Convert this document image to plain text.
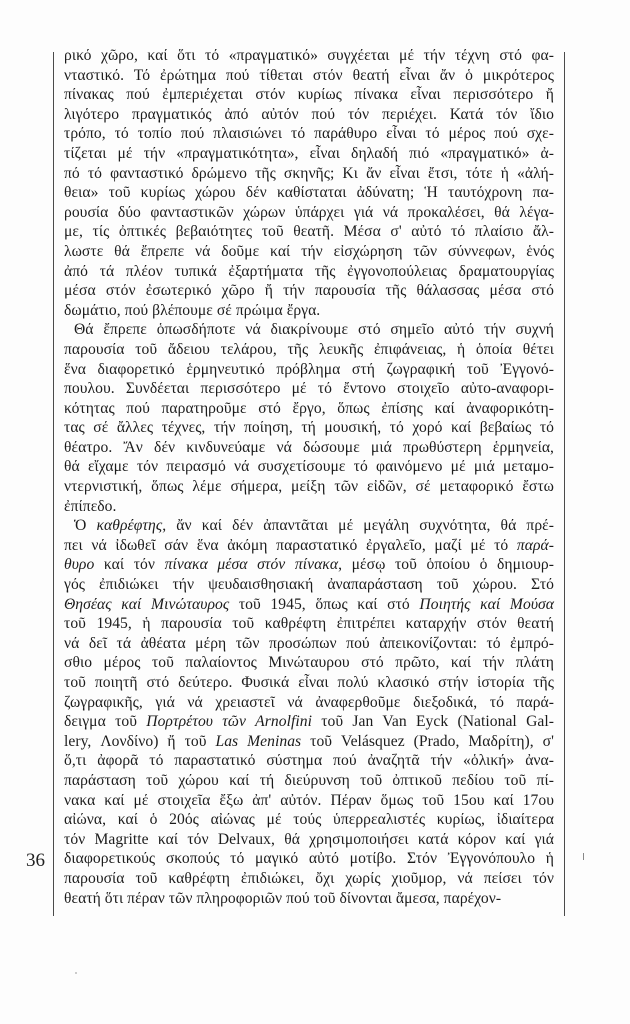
ρικό χῶρο, καί ὅτι τό «πραγματικό» συγχέεται μέ τήν τέχνη στό φα-
νταστικό. Τό ἐρώτημα πού τίθεται στόν θεατή εἶναι ἄν ὁ μικρότερος
πίνακας πού ἐμπεριέχεται στόν κυρίως πίνακα εἶναι περισσότερο ἤ
λιγότερο πραγματικός ἀπό αὐτόν πού τόν περιέχει. Κατά τόν ἴδιο
τρόπο, τό τοπίο πού πλαισιώνει τό παράθυρο εἶναι τό μέρος πού σχε-
τίζεται μέ τήν «πραγματικότητα», εἶναι δηλαδή πιό «πραγματικό» ἀ-
πό τό φανταστικό δρώμενο τῆς σκηνῆς; Κι ἄν εἶναι ἔτσι, τότε ἡ «ἀλή-
θεια» τοῦ κυρίως χώρου δέν καθίσταται ἀδύνατη; Ἡ ταυτόχρονη πα-
ρουσία δύο φανταστικῶν χώρων ὑπάρχει γιά νά προκαλέσει, θά λέγα-
με, τίς ὀπτικές βεβαιότητες τοῦ θεατῆ. Μέσα σ' αὐτό τό πλαίσιο ἄλ-
λωστε θά ἔπρεπε νά δοῦμε καί τήν εἰσχώρηση τῶν σύννεφων, ἑνός
ἀπό τά πλέον τυπικά ἐξαρτήματα τῆς ἐγγονοπούλειας δραματουργίας
μέσα στόν ἐσωτερικό χῶρο ἤ τήν παρουσία τῆς θάλασσας μέσα στό
δωμάτιο, πού βλέπουμε σέ πρώιμα ἔργα.
Θά ἔπρεπε ὁπωσδήποτε νά διακρίνουμε στό σημεῖο αὐτό τήν συχνή
παρουσία τοῦ ἄδειου τελάρου, τῆς λευκῆς ἐπιφάνειας, ἡ ὁποία θέτει
ἕνα διαφορετικό ἑρμηνευτικό πρόβλημα στή ζωγραφική τοῦ Ἐγγονό-
πουλου. Συνδέεται περισσότερο μέ τό ἔντονο στοιχεῖο αὐτο-αναφορι-
κότητας πού παρατηροῦμε στό ἔργο, ὅπως ἐπίσης καί ἀναφορικότη-
τας σέ ἄλλες τέχνες, τήν ποίηση, τή μουσική, τό χορό καί βεβαίως τό
θέατρο. Ἄν δέν κινδυνεύαμε νά δώσουμε μιά πρωθύστερη ἑρμηνεία,
θά εἴχαμε τόν πειρασμό νά συσχετίσουμε τό φαινόμενο μέ μιά μεταμο-
ντερνιστική, ὅπως λέμε σήμερα, μείξη τῶν εἰδῶν, σέ μεταφορικό ἔστω
ἐπίπεδο.
Ὁ καθρέφτης, ἄν καί δέν ἀπαντᾶται μέ μεγάλη συχνότητα, θά πρέ-
πει νά ἰδωθεῖ σάν ἕνα ἀκόμη παραστατικό ἐργαλεῖο, μαζί μέ τό παρά-
θυρο καί τόν πίνακα μέσα στόν πίνακα, μέσῳ τοῦ ὁποίου ὁ δημιουρ-
γός ἐπιδιώκει τήν ψευδαισθησιακή ἀναπαράσταση τοῦ χώρου. Στό
Θησέας καί Μινώταυρος τοῦ 1945, ὅπως καί στό Ποιητής καί Μούσα
τοῦ 1945, ἡ παρουσία τοῦ καθρέφτη ἐπιτρέπει καταρχήν στόν θεατή
νά δεῖ τά ἀθέατα μέρη τῶν προσώπων πού ἀπεικονίζονται: τό ἐμπρό-
σθιο μέρος τοῦ παλαίοντος Μινώταυρου στό πρῶτο, καί τήν πλάτη
τοῦ ποιητῆ στό δεύτερο. Φυσικά εἶναι πολύ κλασικό στήν ἱστορία τῆς
ζωγραφικῆς, γιά νά χρειαστεῖ νά ἀναφερθοῦμε διεξοδικά, τό παρά-
δειγμα τοῦ Πορτρέτου τῶν Arnolfini τοῦ Jan Van Eyck (National Gal-
lery, Λονδίνο) ἤ τοῦ Las Meninas τοῦ Velásquez (Prado, Μαδρίτη), σ'
ὅ,τι ἀφορᾶ τό παραστατικό σύστημα πού ἀναζητᾶ τήν «ὁλική» ἀνα-
παράσταση τοῦ χώρου καί τή διεύρυνση τοῦ ὀπτικοῦ πεδίου τοῦ πί-
νακα καί μέ στοιχεῖα ἔξω ἀπ' αὐτόν. Πέραν ὅμως τοῦ 15ου καί 17ου
αἰώνα, καί ὁ 20ός αἰώνας μέ τούς ὑπερρεαλιστές κυρίως, ἰδιαίτερα
τόν Magritte καί τόν Delvaux, θά χρησιμοποιήσει κατά κόρον καί γιά
διαφορετικούς σκοπούς τό μαγικό αὐτό μοτίβο. Στόν Ἐγγονόπουλο ἡ
παρουσία τοῦ καθρέφτη ἐπιδιώκει, ὄχι χωρίς χιοῦμορ, νά πείσει τόν
θεατή ὅτι πέραν τῶν πληροφοριῶν πού τοῦ δίνονται ἄμεσα, παρέχον-
36
